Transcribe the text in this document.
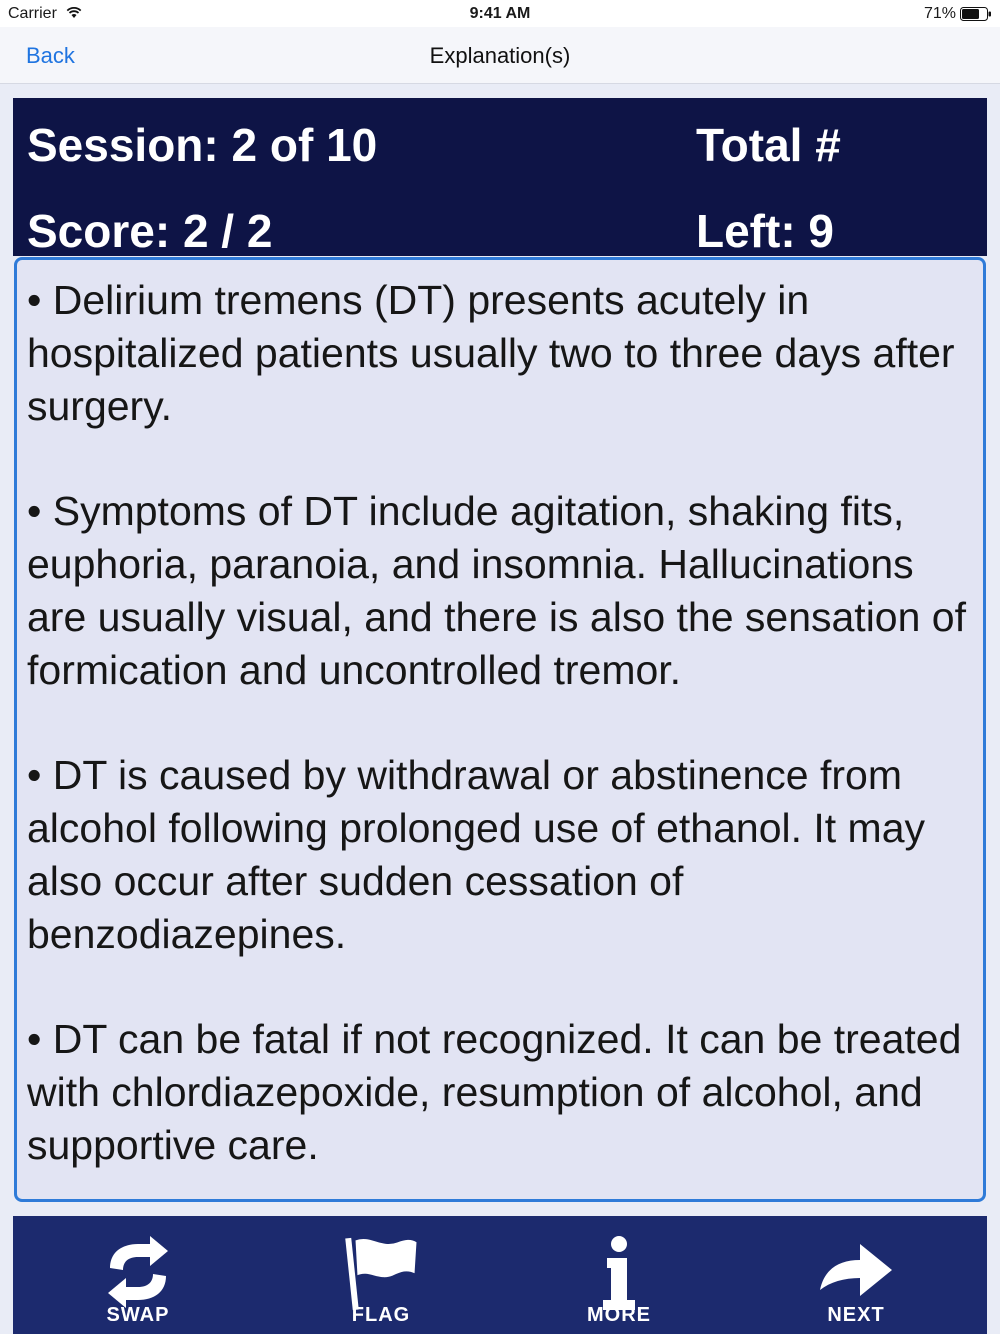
Carrier	9:41 AM	71%
Back	Explanation(s)
Session: 2 of 10
Score: 2 / 2
Total #
Left: 9

• Delirium tremens (DT) presents acutely in hospitalized patients usually two to three days after surgery.

• Symptoms of DT include agitation, shaking fits, euphoria, paranoia, and insomnia. Hallucinations are usually visual, and there is also the sensation of formication and uncontrolled tremor.

• DT is caused by withdrawal or abstinence from alcohol following prolonged use of ethanol. It may also occur after sudden cessation of benzodiazepines.

• DT can be fatal if not recognized. It can be treated with chlordiazepoxide, resumption of alcohol, and supportive care.

SWAP	FLAG	MORE	NEXT
